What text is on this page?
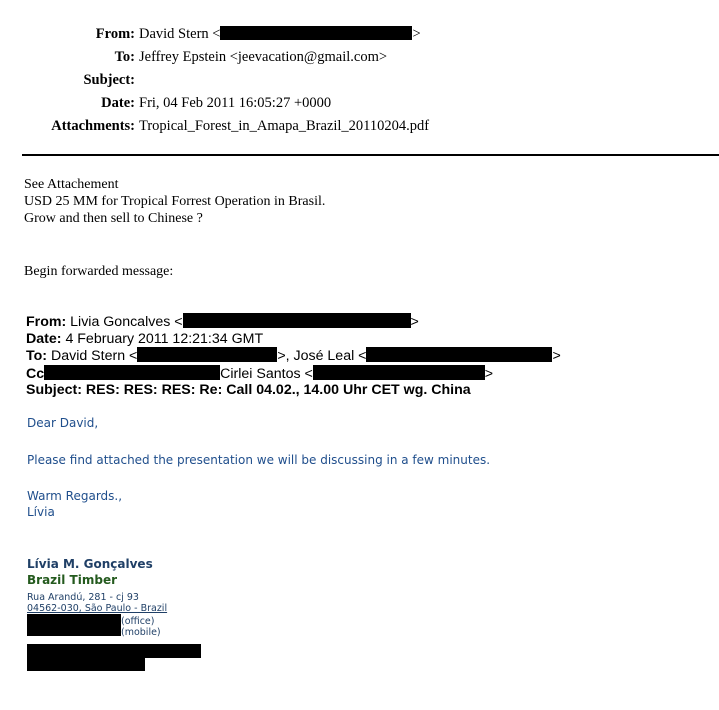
From: David Stern <	>
To: Jeffrey Epstein <jeevacation@gmail.com>
Subject:
Date: Fri, 04 Feb 2011 16:05:27 +0000
Attachments: Tropical_Forest_in_Amapa_Brazil_20110204.pdf
See Attachement
USD 25 MM for Tropical Forrest Operation in Brasil.
Grow and then sell to Chinese ?
Begin forwarded message:
From: Livia Goncalves <	>
Date: 4 February 2011 12:21:34 GMT
To: David Stern <	>, José Leal <	>
Cc	Cirlei Santos <	>
Subject: RES: RES: RES: Re: Call 04.02., 14.00 Uhr CET wg. China
Dear David,
Please find attached the presentation we will be discussing in a few minutes.
Warm Regards.,
Lívia
Lívia M. Gonçalves
Brazil Timber
Rua Arandú, 281 - cj 93
04562-030, São Paulo - Brazil
(office)
(mobile)
